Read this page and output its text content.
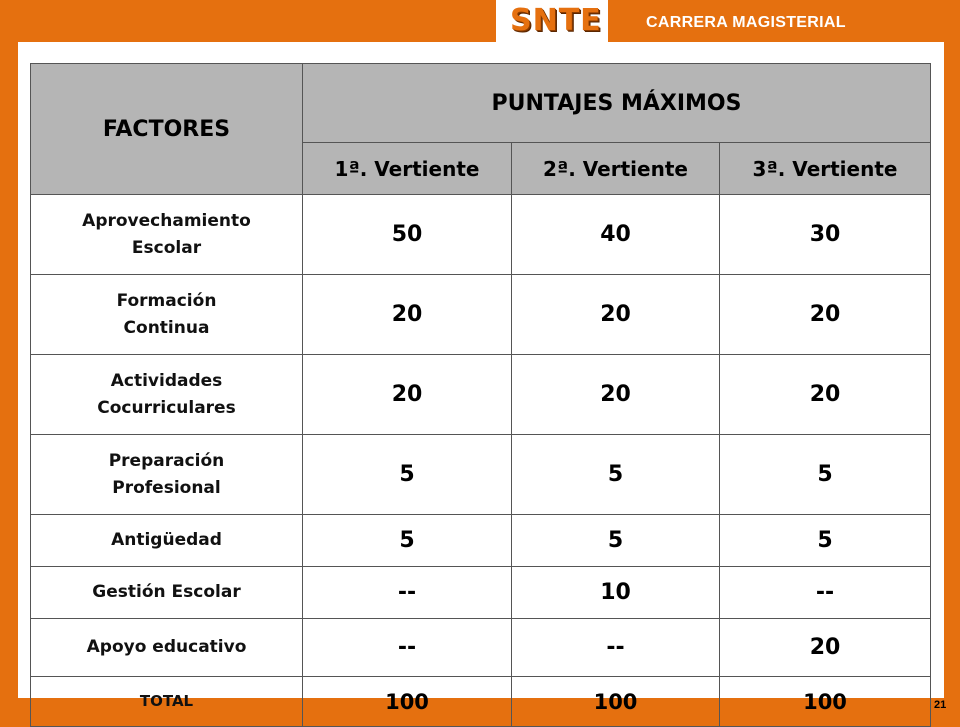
SNTE	CARRERA MAGISTERIAL
FACTORES	PUNTAJES MÁXIMOS		
	1ª. Vertiente	2ª. Vertiente	3ª. Vertiente
Aprovechamiento
Escolar	50	40	30
Formación
Continua	20	20	20
Actividades
Cocurriculares	20	20	20
Preparación
Profesional	5	5	5
Antigüedad	5	5	5
Gestión Escolar	--	10	--
Apoyo educativo	--	--	20
TOTAL	100	100	100	21
